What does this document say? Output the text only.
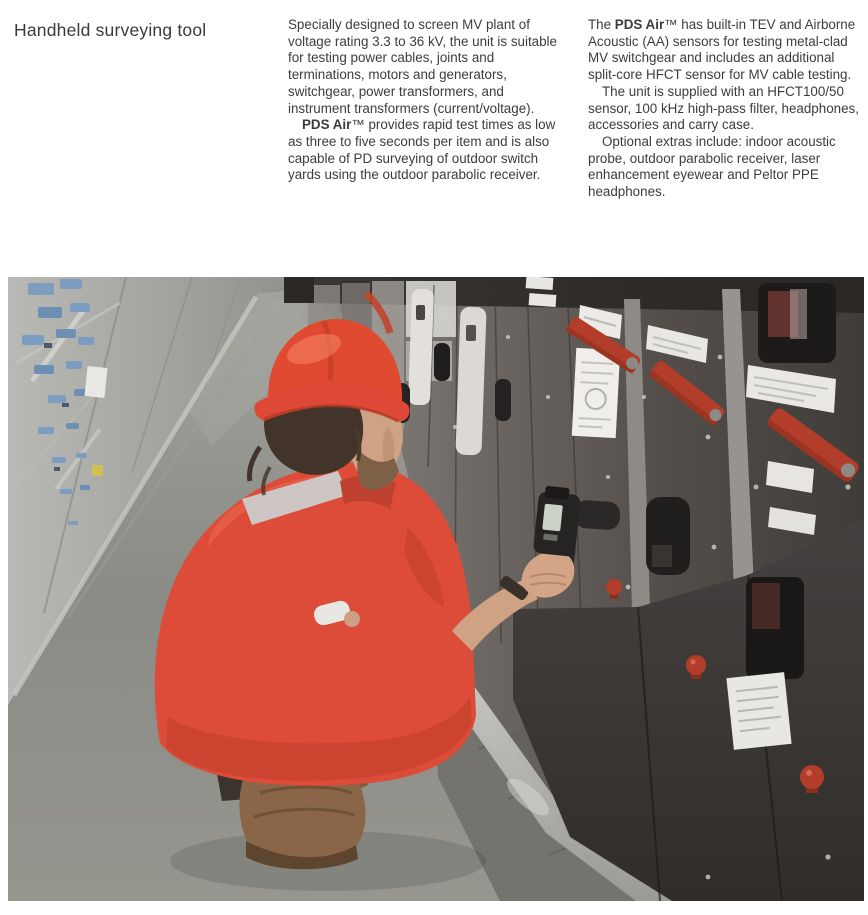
Handheld surveying tool	Specially designed to screen MV plant of voltage rating 3.3 to 36 kV, the unit is suitable for testing power cables, joints and terminations, motors and generators, switchgear, power transformers, and instrument transformers (current/voltage).

PDS Air™ provides rapid test times as low as three to five seconds per item and is also capable of PD surveying of outdoor switch yards using the outdoor parabolic receiver.

The PDS Air™ has built-in TEV and Airborne Acoustic (AA) sensors for testing metal-clad MV switchgear and includes an additional split-core HFCT sensor for MV cable testing.

The unit is supplied with an HFCT100/50 sensor, 100 kHz high-pass filter, headphones, accessories and carry case.

Optional extras include: indoor acoustic probe, outdoor parabolic receiver, laser enhancement eyewear and Peltor PPE headphones.
